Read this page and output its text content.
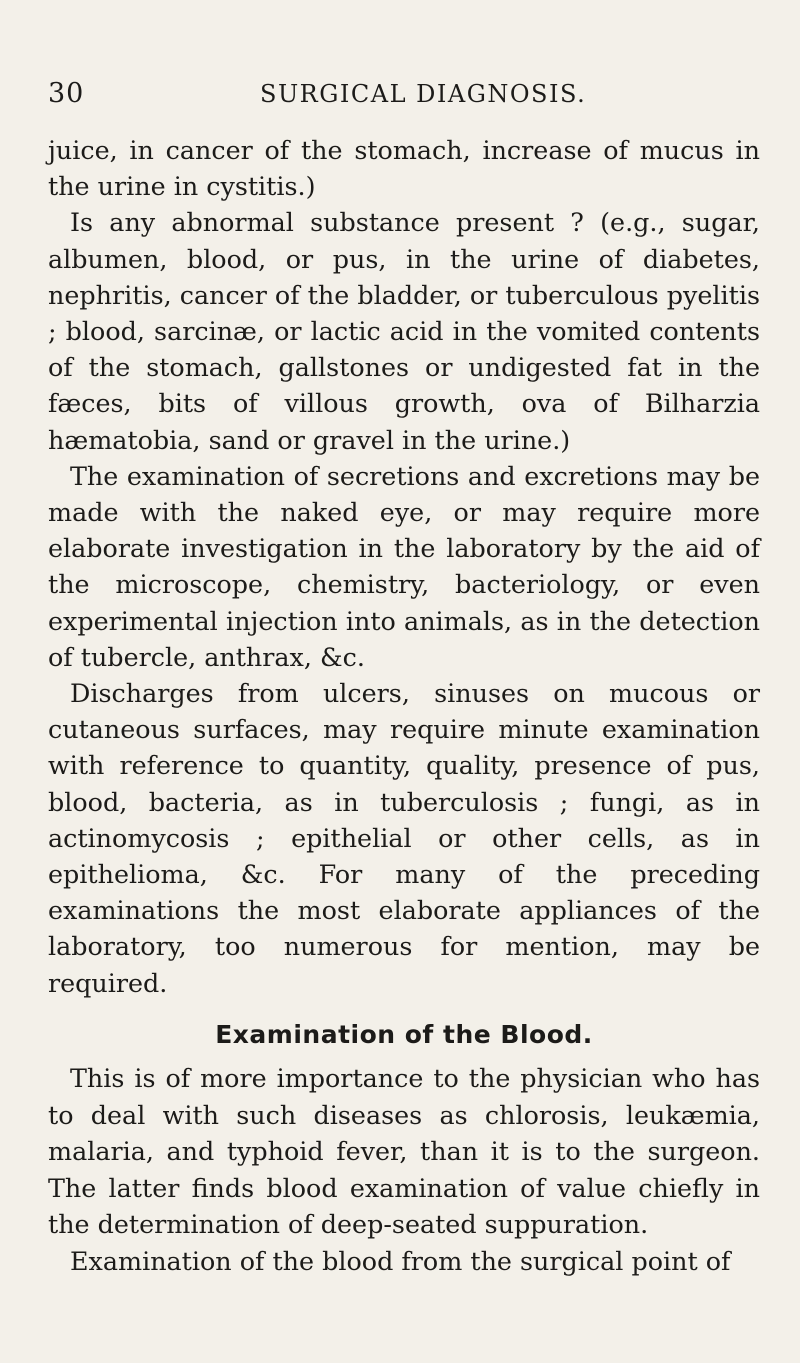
30	SURGICAL DIAGNOSIS.

juice, in cancer of the stomach, increase of mucus in the urine in cystitis.)

Is any abnormal substance present ? (e.g., sugar, albumen, blood, or pus, in the urine of diabetes, nephritis, cancer of the bladder, or tuberculous pyelitis ; blood, sarcinæ, or lactic acid in the vomited contents of the stomach, gallstones or undigested fat in the fæces, bits of villous growth, ova of Bilharzia hæmatobia, sand or gravel in the urine.)

The examination of secretions and excretions may be made with the naked eye, or may require more elaborate investigation in the laboratory by the aid of the microscope, chemistry, bacteriology, or even experimental injection into animals, as in the detection of tubercle, anthrax, &c.

Discharges from ulcers, sinuses on mucous or cutaneous surfaces, may require minute examination with reference to quantity, quality, presence of pus, blood, bacteria, as in tuberculosis ; fungi, as in actinomycosis ; epithelial or other cells, as in epithelioma, &c. For many of the preceding examinations the most elaborate appliances of the laboratory, too numerous for mention, may be required.

Examination of the Blood.

This is of more importance to the physician who has to deal with such diseases as chlorosis, leukæmia, malaria, and typhoid fever, than it is to the surgeon. The latter finds blood examination of value chiefly in the determination of deep-seated suppuration.

Examination of the blood from the surgical point of
